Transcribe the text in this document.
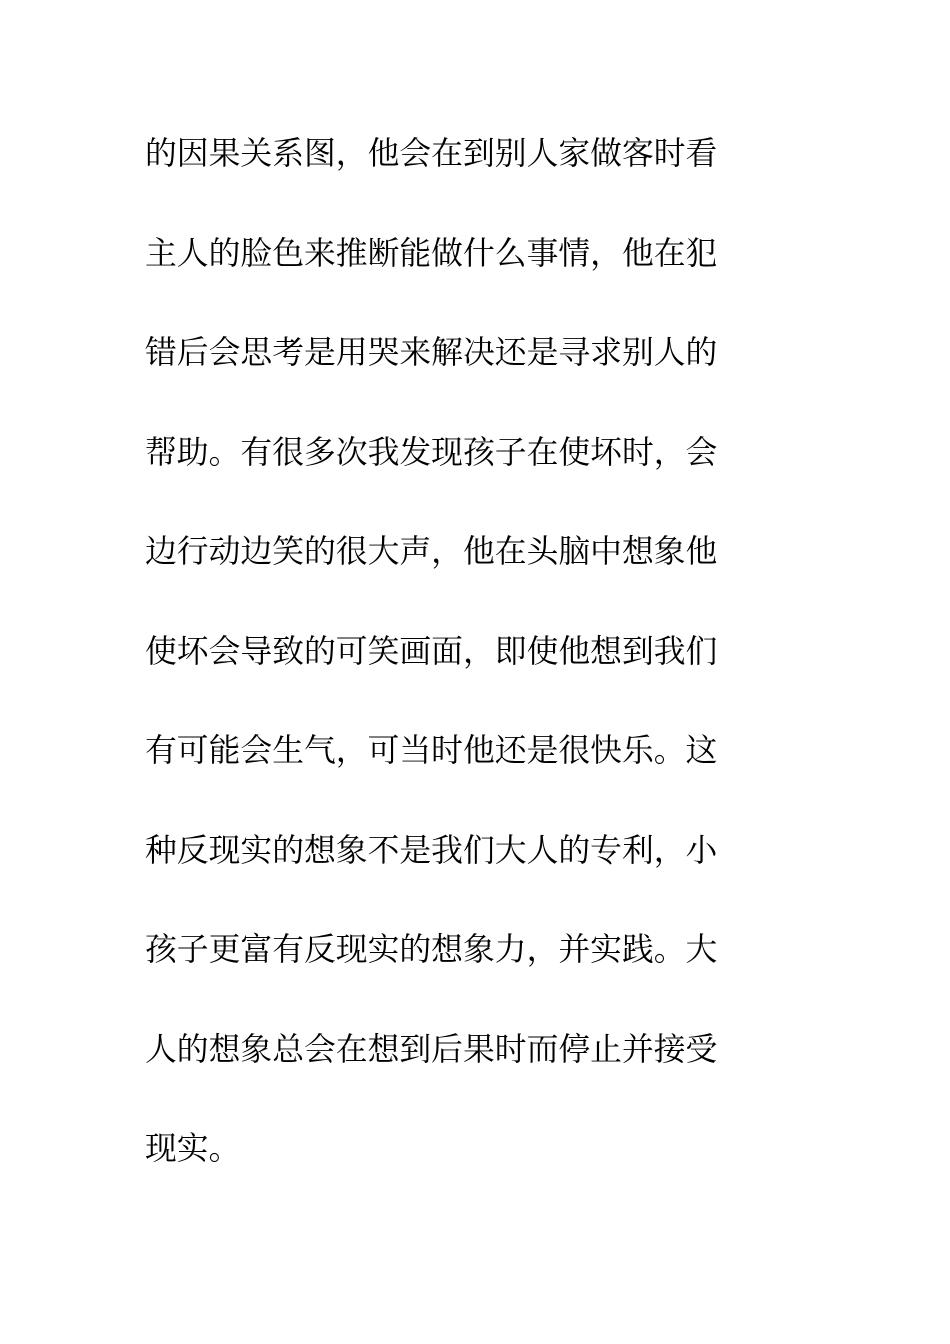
的因果关系图，他会在到别人家做客时看
主人的脸色来推断能做什么事情，他在犯
错后会思考是用哭来解决还是寻求别人的
帮助。有很多次我发现孩子在使坏时，会
边行动边笑的很大声，他在头脑中想象他
使坏会导致的可笑画面，即使他想到我们
有可能会生气，可当时他还是很快乐。这
种反现实的想象不是我们大人的专利，小
孩子更富有反现实的想象力，并实践。大
人的想象总会在想到后果时而停止并接受
现实。
